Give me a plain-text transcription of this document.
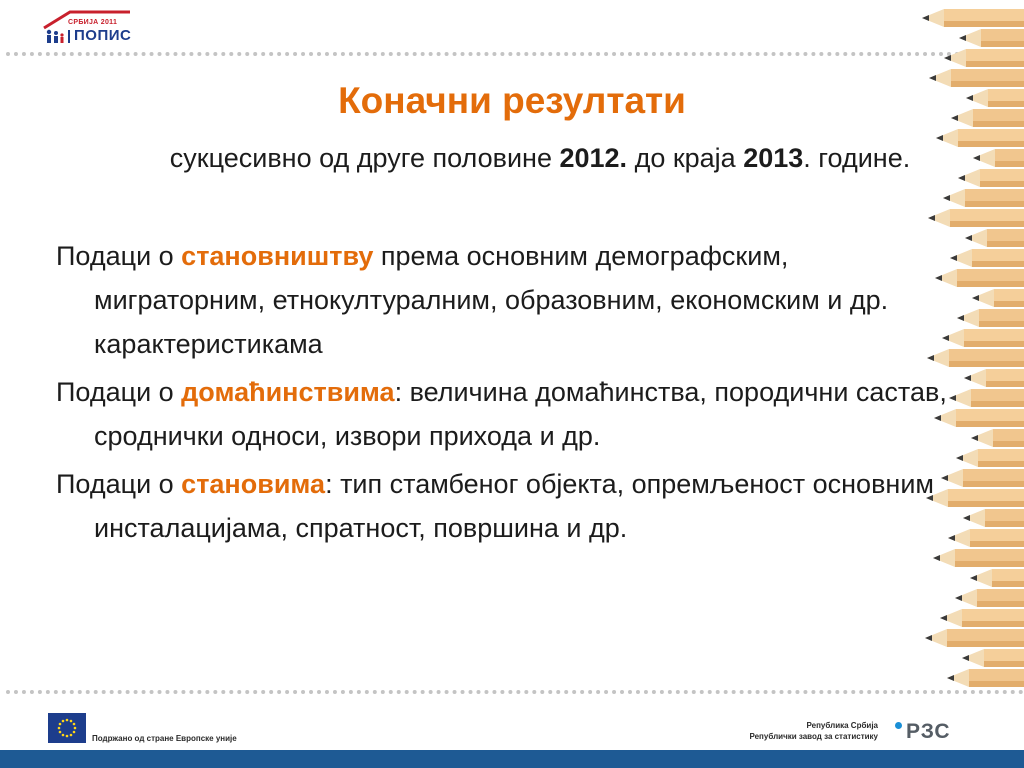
СРБИЈА 2011
ПОПИС
Коначни резултати

сукцесивно од друге половине 2012. до краја 2013. године.

Подаци о становништву према основним демографским, миграторним, етнокултуралним, образовним, економским и др. карактеристикама

Подаци о домаћинствима: величина домаћинства, породични састав, сроднички односи, извори прихода и др.

Подаци о становима: тип стамбеног објекта, опремљеност основним инсталацијама, спратност, површина и др.

Подржано од стране Европске уније
Република Србија
Републички завод за статистику РЗС
